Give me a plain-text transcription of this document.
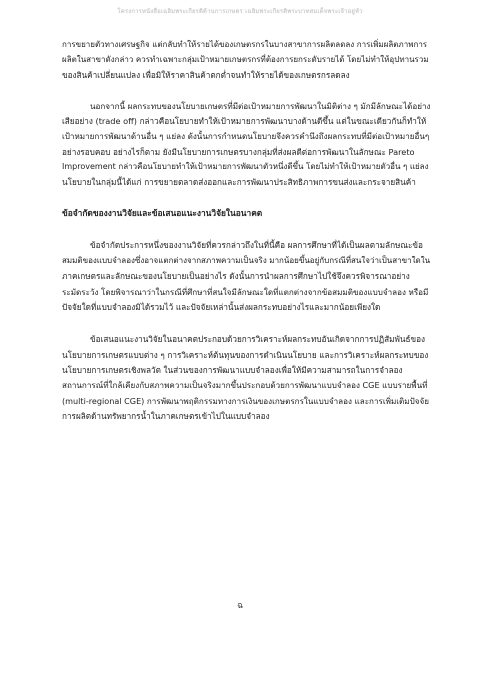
โครงการหนังสือเฉลิมพระเกียรติด้านการเกษตร เฉลิมพระเกียรติพระบาทสมเด็จพระเจ้าอยู่หัว
การขยายตัวทางเศรษฐกิจ แต่กลับทำให้รายได้ของเกษตรกรในบางสาขาการผลิตลดลง การเพิ่มผลิตภาพการ
ผลิตในสาขาดังกล่าว ควรทำเฉพาะกลุ่มเป้าหมายเกษตรกรที่ต้องการยกระดับรายได้ โดยไม่ทำให้อุปทานรวม
ของสินค้าเปลี่ยนแปลง เพื่อมิให้ราคาสินค้าตกต่ำจนทำให้รายได้ของเกษตรกรลดลง
นอกจากนี้ ผลกระทบของนโยบายเกษตรที่มีต่อเป้าหมายการพัฒนาในมิติต่าง ๆ มักมีลักษณะได้อย่าง
เสียอย่าง (trade off) กล่าวคือนโยบายทำให้เป้าหมายการพัฒนาบางด้านดีขึ้น แต่ในขณะเดียวกันก็ทำให้
เป้าหมายการพัฒนาด้านอื่น ๆ แย่ลง ดังนั้นการกำหนดนโยบายจึงควรคำนึงถึงผลกระทบที่มีต่อเป้าหมายอื่นๆ
อย่างรอบคอบ อย่างไรก็ตาม ยังมีนโยบายการเกษตรบางกลุ่มที่ส่งผลดีต่อการพัฒนาในลักษณะ Pareto
Improvement กล่าวคือนโยบายทำให้เป้าหมายการพัฒนาตัวหนึ่งดีขึ้น โดยไม่ทำให้เป้าหมายตัวอื่น ๆ แย่ลง
นโยบายในกลุ่มนี้ได้แก่ การขยายตลาดส่งออกและการพัฒนาประสิทธิภาพการขนส่งและกระจายสินค้า
ข้อจำกัดของงานวิจัยและข้อเสนอแนะงานวิจัยในอนาคต
ข้อจำกัดประการหนึ่งของงานวิจัยที่ควรกล่าวถึงในที่นี้คือ ผลการศึกษาที่ได้เป็นผลตามลักษณะข้อ
สมมติของแบบจำลองซึ่งอาจแตกต่างจากสภาพความเป็นจริง มากน้อยขึ้นอยู่กับกรณีที่สนใจว่าเป็นสาขาใดใน
ภาคเกษตรและลักษณะของนโยบายเป็นอย่างไร ดังนั้นการนำผลการศึกษาไปใช้จึงควรพิจารณาอย่าง
ระมัดระวัง โดยพิจารณาว่าในกรณีที่ศึกษาที่สนใจมีลักษณะใดที่แตกต่างจากข้อสมมติของแบบจำลอง หรือมี
ปัจจัยใดที่แบบจำลองมิได้รวมไว้ และปัจจัยเหล่านั้นส่งผลกระทบอย่างไรและมากน้อยเพียงใด
ข้อเสนอแนะงานวิจัยในอนาคตประกอบด้วยการวิเคราะห์ผลกระทบอันเกิดจากการปฏิสัมพันธ์ของ
นโยบายการเกษตรแบบต่าง ๆ การวิเคราะห์ต้นทุนของการดำเนินนโยบาย และการวิเคราะห์ผลกระทบของ
นโยบายการเกษตรเชิงพลวัต ในส่วนของการพัฒนาแบบจำลองเพื่อให้มีความสามารถในการจำลอง
สถานการณ์ที่ใกล้เคียงกับสภาพความเป็นจริงมากขึ้นประกอบด้วยการพัฒนาแบบจำลอง CGE แบบรายพื้นที่
(multi-regional CGE) การพัฒนาพฤติกรรมทางการเงินของเกษตรกรในแบบจำลอง และการเพิ่มเติมปัจจัย
การผลิตด้านทรัพยากรน้ำในภาคเกษตรเข้าไปในแบบจำลอง
ฉ
